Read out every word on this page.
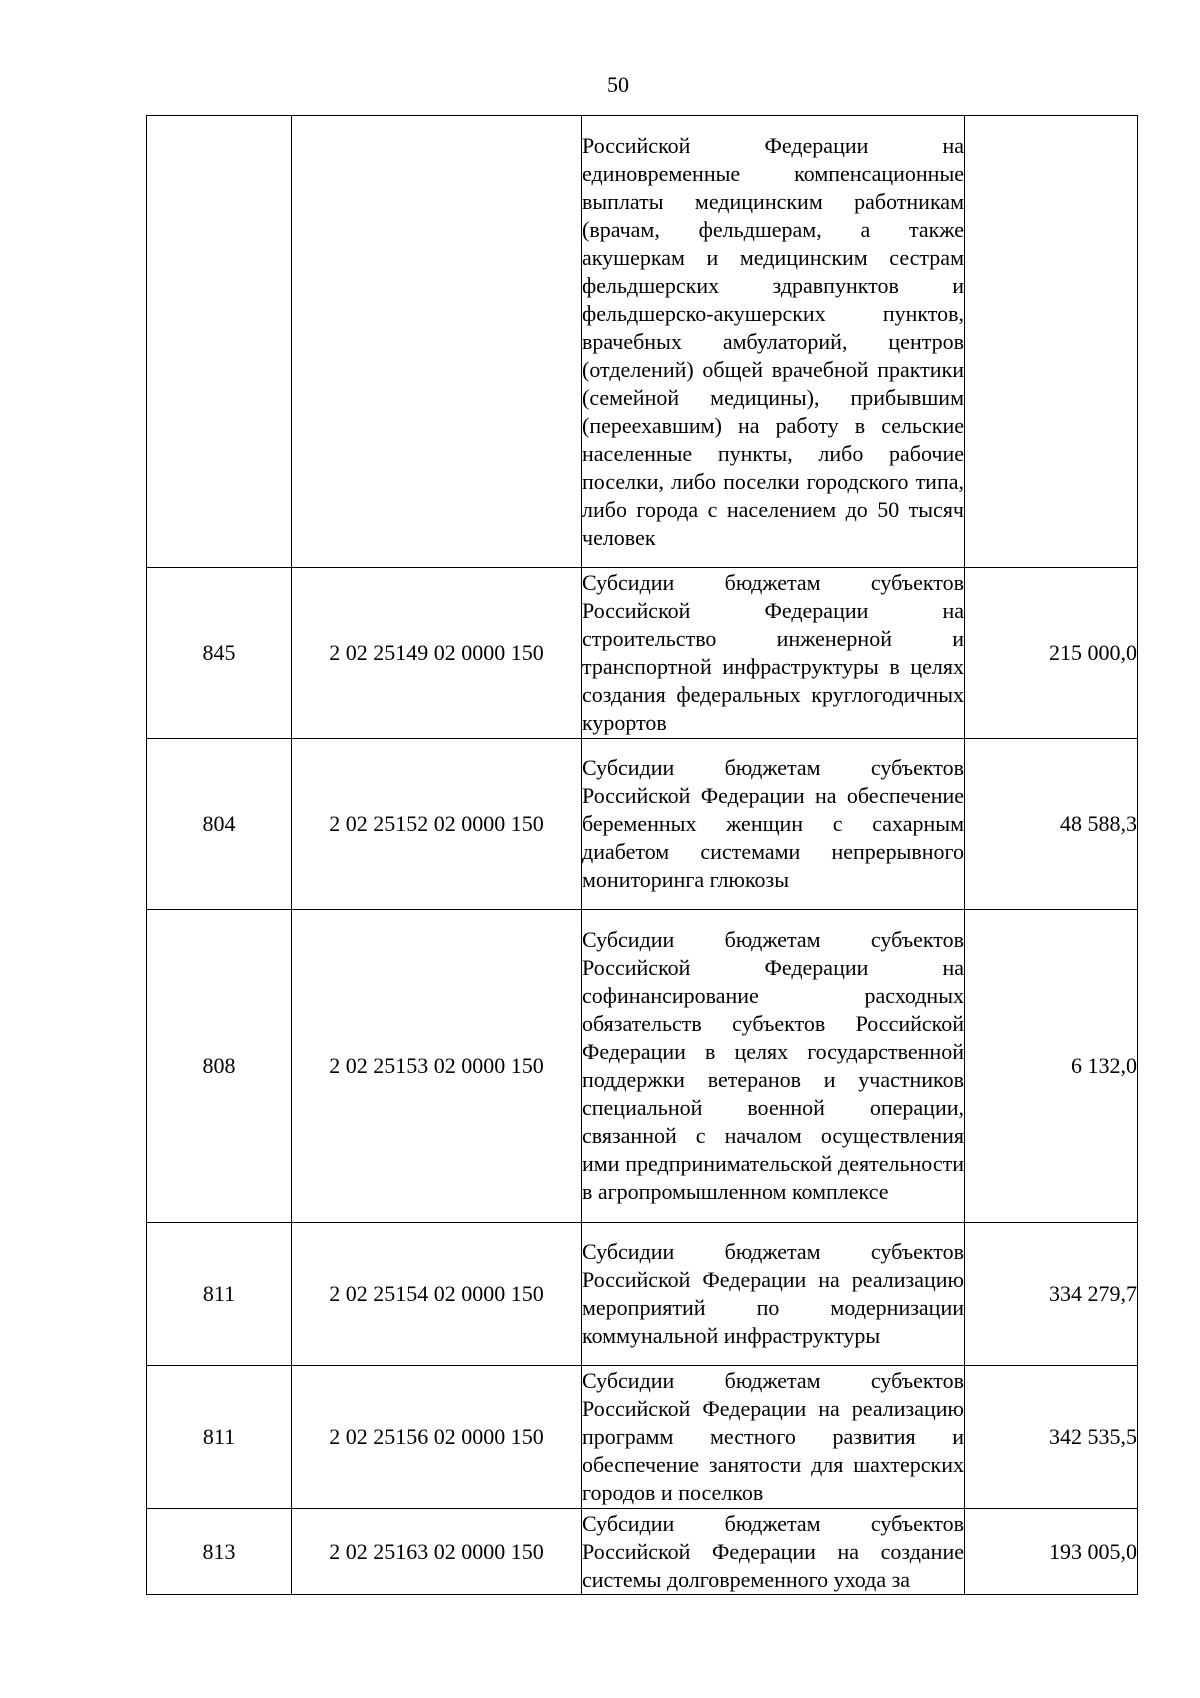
50
		Российской Федерации на единовременные компенсационные выплаты медицинским работникам (врачам, фельдшерам, а также акушеркам и медицинским сестрам фельдшерских здравпунктов и фельдшерско-акушерских пунктов, врачебных амбулаторий, центров (отделений) общей врачебной практики (семейной медицины), прибывшим (переехавшим) на работу в сельские населенные пункты, либо рабочие поселки, либо поселки городского типа, либо города с населением до 50 тысяч человек	
845	2 02 25149 02 0000 150	Субсидии бюджетам субъектов Российской Федерации на строительство инженерной и транспортной инфраструктуры в целях создания федеральных круглогодичных курортов	215 000,0
804	2 02 25152 02 0000 150	Субсидии бюджетам субъектов Российской Федерации на обеспечение беременных женщин с сахарным диабетом системами непрерывного мониторинга глюкозы	48 588,3
808	2 02 25153 02 0000 150	Субсидии бюджетам субъектов Российской Федерации на софинансирование расходных обязательств субъектов Российской Федерации в целях государственной поддержки ветеранов и участников специальной военной операции, связанной с началом осуществления ими предпринимательской деятельности в агропромышленном комплексе	6 132,0
811	2 02 25154 02 0000 150	Субсидии бюджетам субъектов Российской Федерации на реализацию мероприятий по модернизации коммунальной инфраструктуры	334 279,7
811	2 02 25156 02 0000 150	Субсидии бюджетам субъектов Российской Федерации на реализацию программ местного развития и обеспечение занятости для шахтерских городов и поселков	342 535,5
813	2 02 25163 02 0000 150	Субсидии бюджетам субъектов Российской Федерации на создание системы долговременного ухода за	193 005,0
